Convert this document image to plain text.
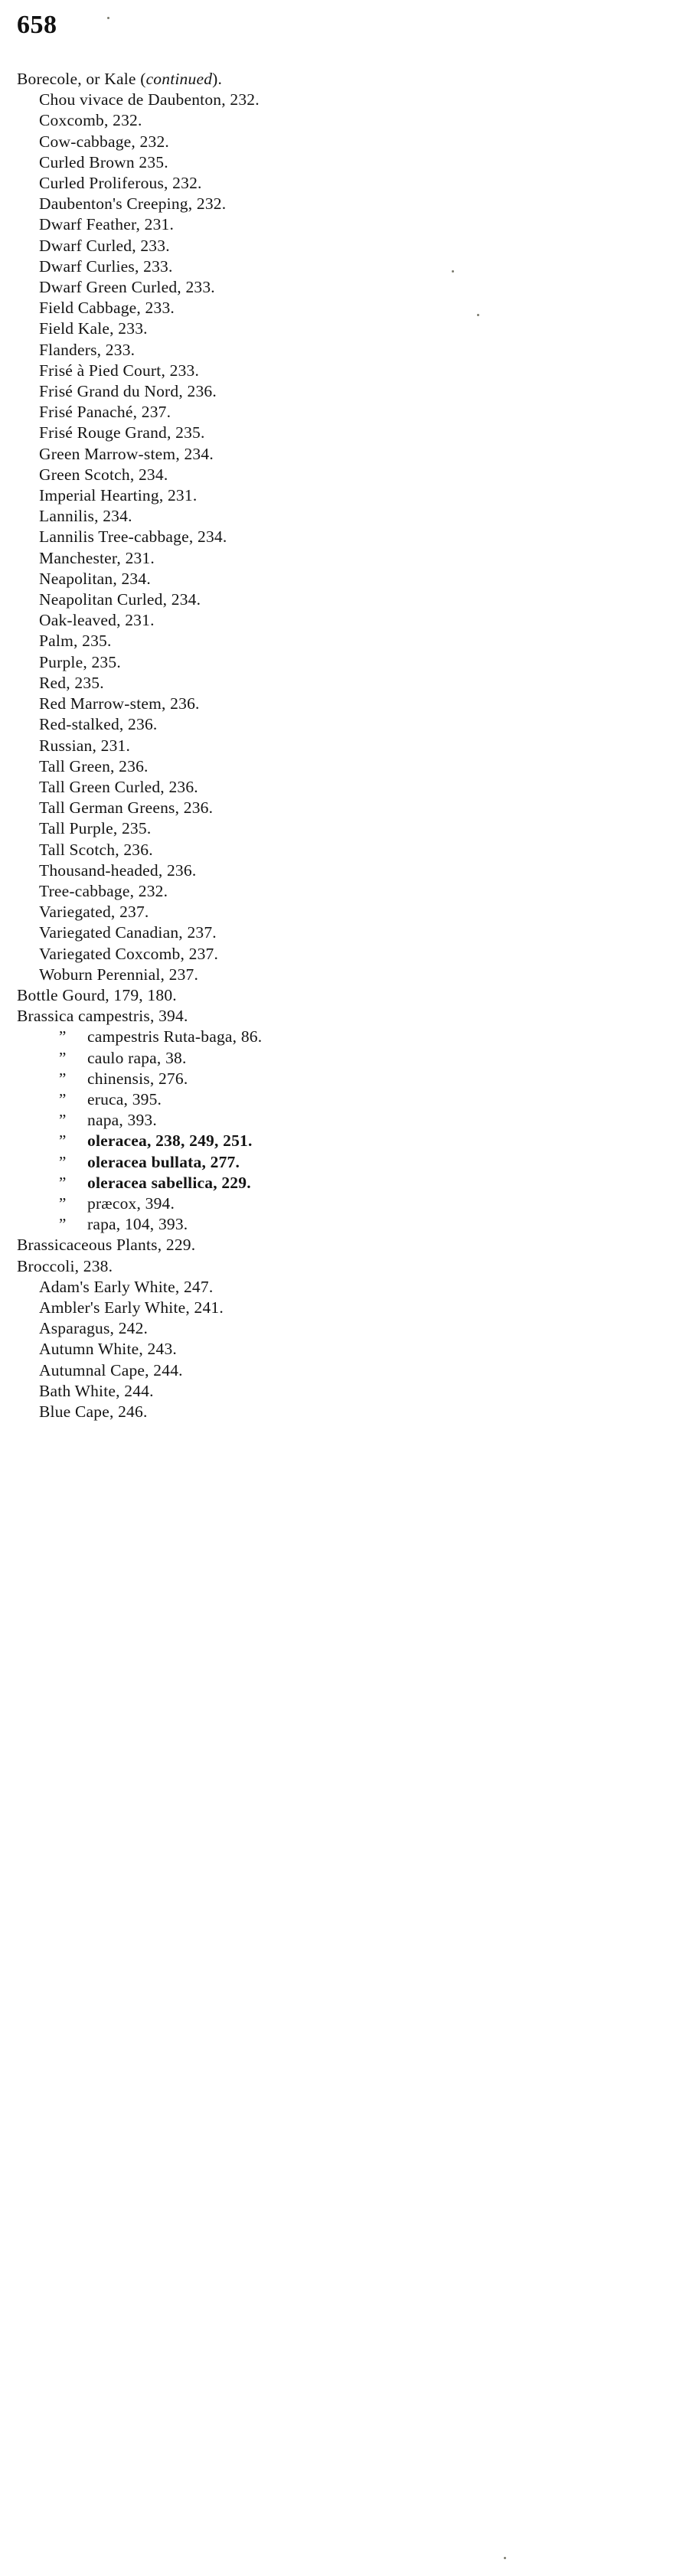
658
Borecole, or Kale (continued).
Chou vivace de Daubenton, 232.
Coxcomb, 232.
Cow-cabbage, 232.
Curled Brown 235.
Curled Proliferous, 232.
Daubenton's Creeping, 232.
Dwarf Feather, 231.
Dwarf Curled, 233.
Dwarf Curlies, 233.
Dwarf Green Curled, 233.
Field Cabbage, 233.
Field Kale, 233.
Flanders, 233.
Frisé à Pied Court, 233.
Frisé Grand du Nord, 236.
Frisé Panaché, 237.
Frisé Rouge Grand, 235.
Green Marrow-stem, 234.
Green Scotch, 234.
Imperial Hearting, 231.
Lannilis, 234.
Lannilis Tree-cabbage, 234.
Manchester, 231.
Neapolitan, 234.
Neapolitan Curled, 234.
Oak-leaved, 231.
Palm, 235.
Purple, 235.
Red, 235.
Red Marrow-stem, 236.
Red-stalked, 236.
Russian, 231.
Tall Green, 236.
Tall Green Curled, 236.
Tall German Greens, 236.
Tall Purple, 235.
Tall Scotch, 236.
Thousand-headed, 236.
Tree-cabbage, 232.
Variegated, 237.
Variegated Canadian, 237.
Variegated Coxcomb, 237.
Woburn Perennial, 237.
Bottle Gourd, 179, 180.
Brassica campestris, 394.
”	campestris Ruta-baga, 86.
”	caulo rapa, 38.
”	chinensis, 276.
”	eruca, 395.
”	napa, 393.
”	oleracea, 238, 249, 251.
”	oleracea bullata, 277.
”	oleracea sabellica, 229.
”	præcox, 394.
”	rapa, 104, 393.
Brassicaceous Plants, 229.
Broccoli, 238.
Adam's Early White, 247.
Ambler's Early White, 241.
Asparagus, 242.
Autumn White, 243.
Autumnal Cape, 244.
Bath White, 244.
Blue Cape, 246.
